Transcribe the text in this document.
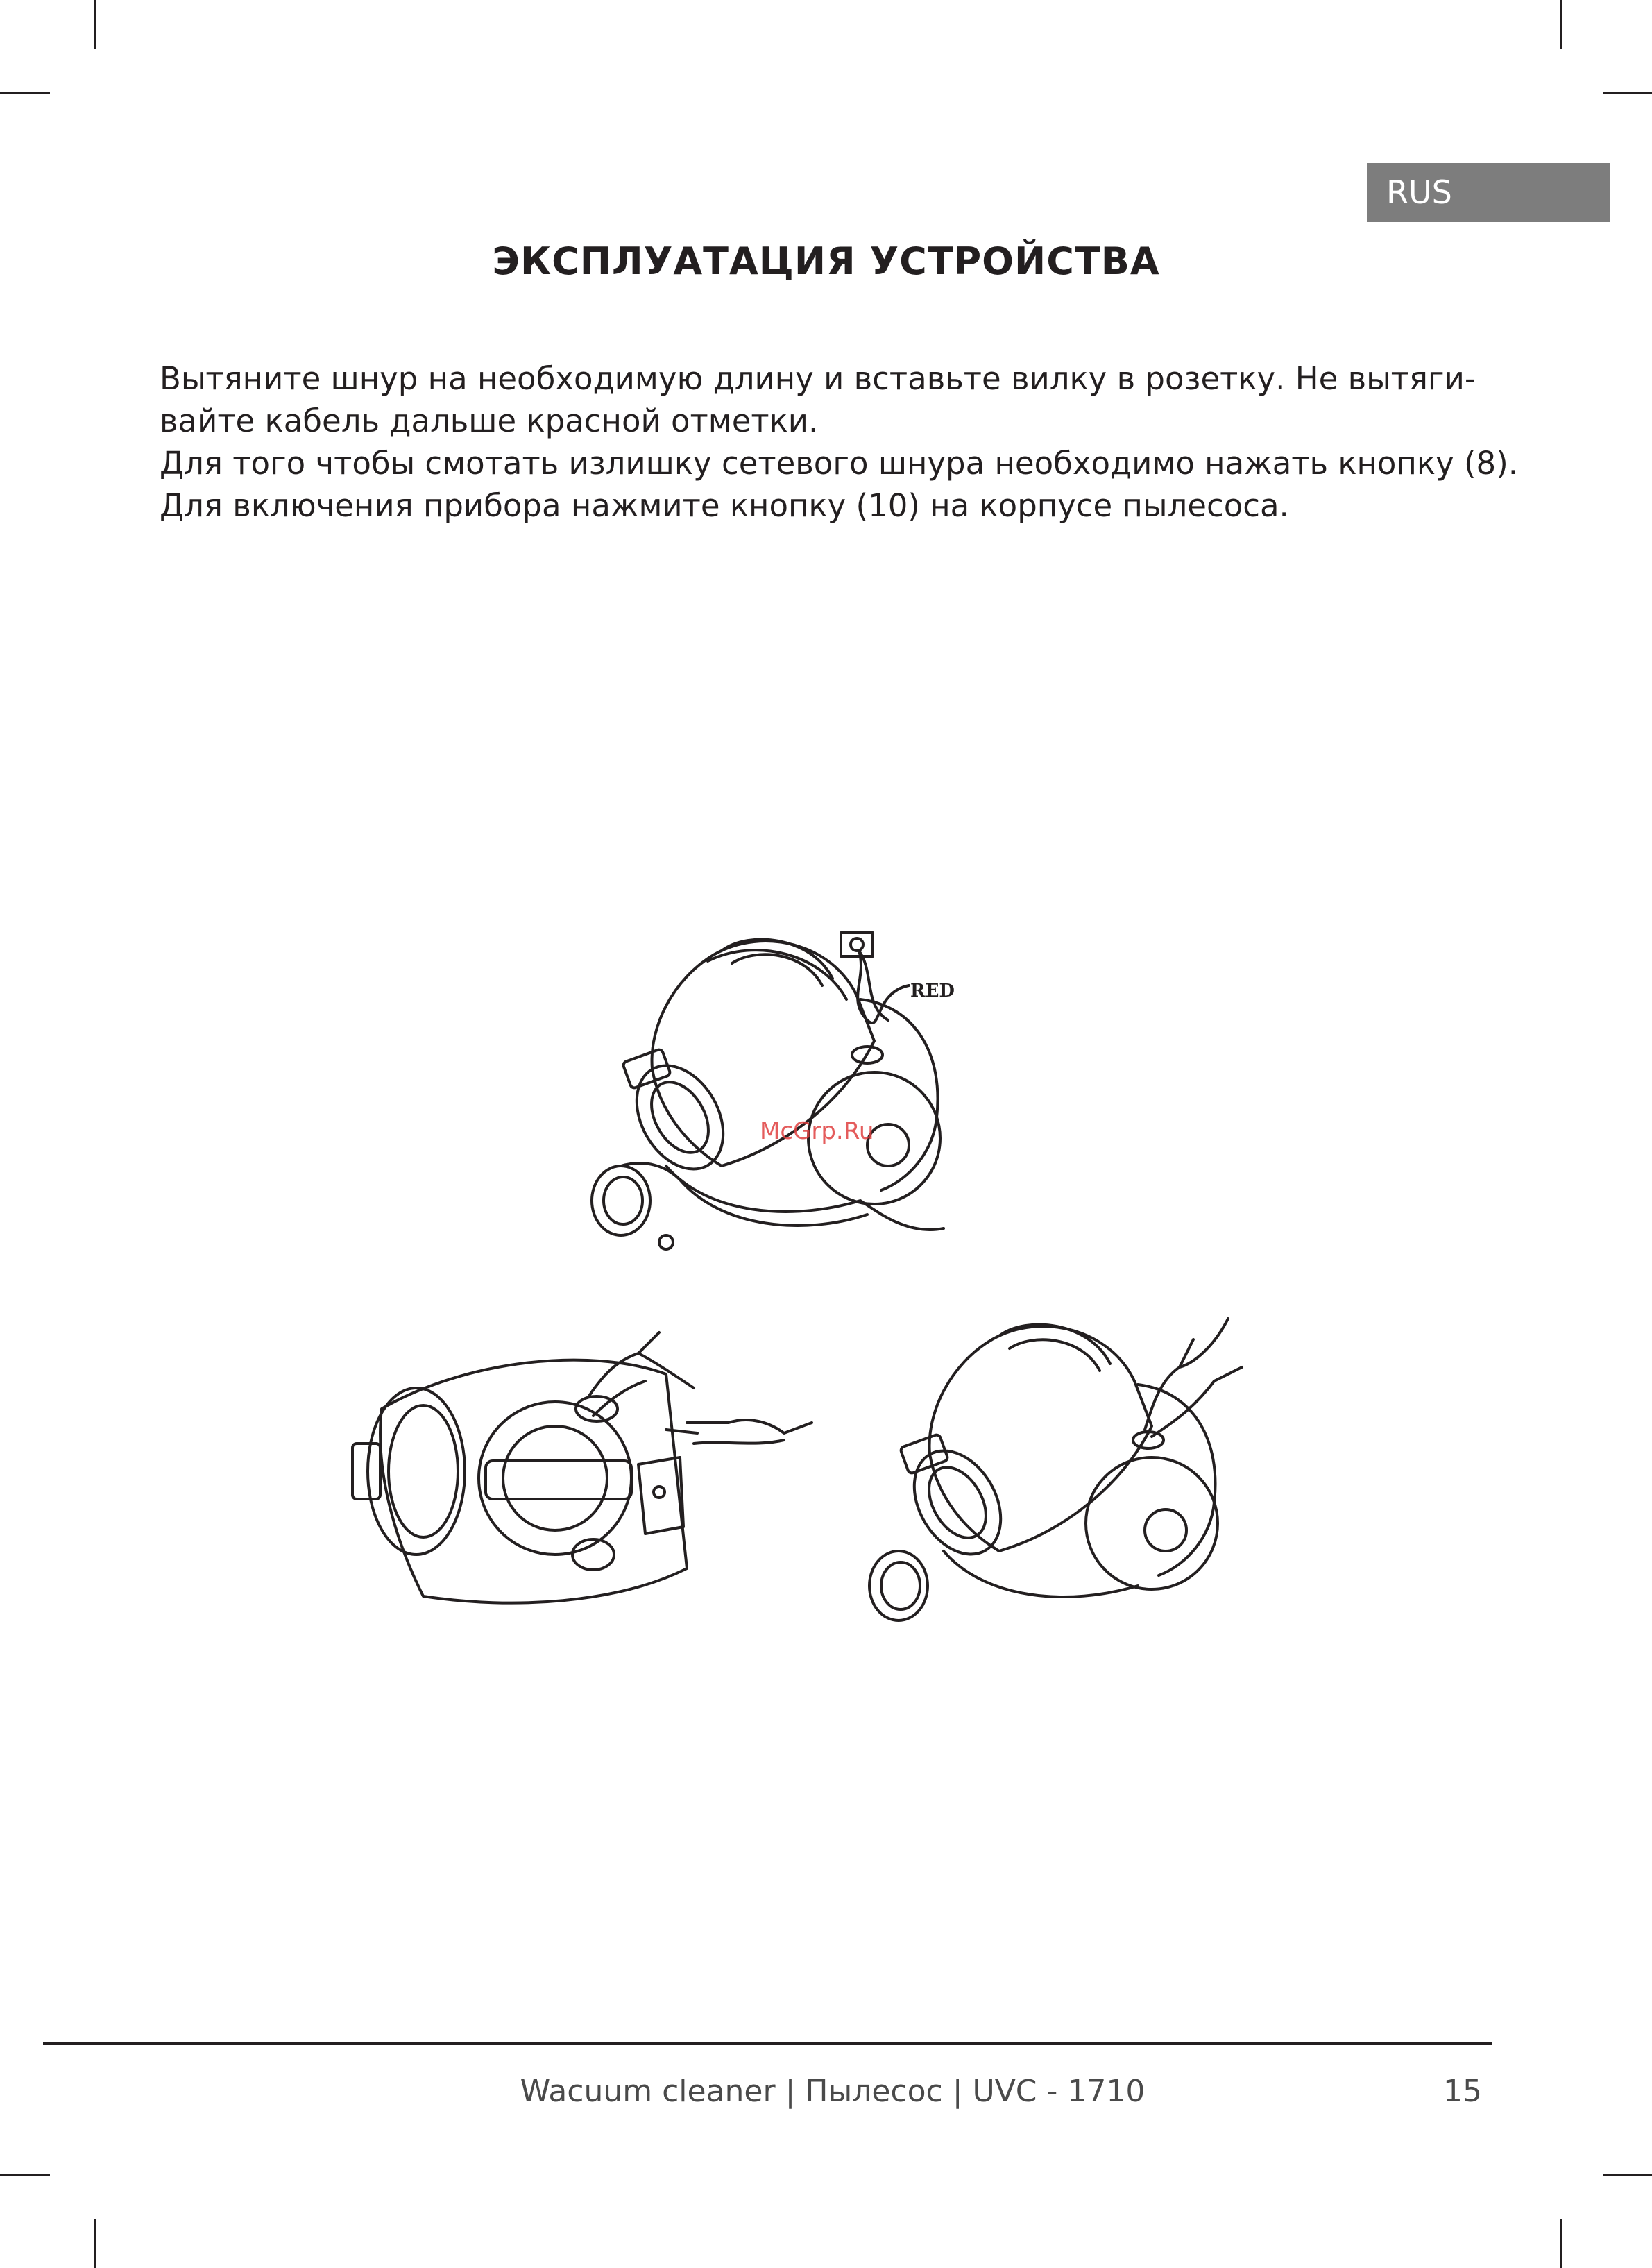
RUS
ЭКСПЛУАТАЦИЯ УСТРОЙСТВА

Вытяните шнур на необходимую длину и вставьте вилку в розетку. Не вытяги-

вайте кабель дальше красной отметки.

Для того чтобы смотать излишку сетевого шнура необходимо нажать кнопку (8).

Для включения прибора нажмите кнопку (10) на корпусе пылесоса.

RED
McGrp.Ru
Wacuum cleaner | Пылесос | UVC - 1710	15
